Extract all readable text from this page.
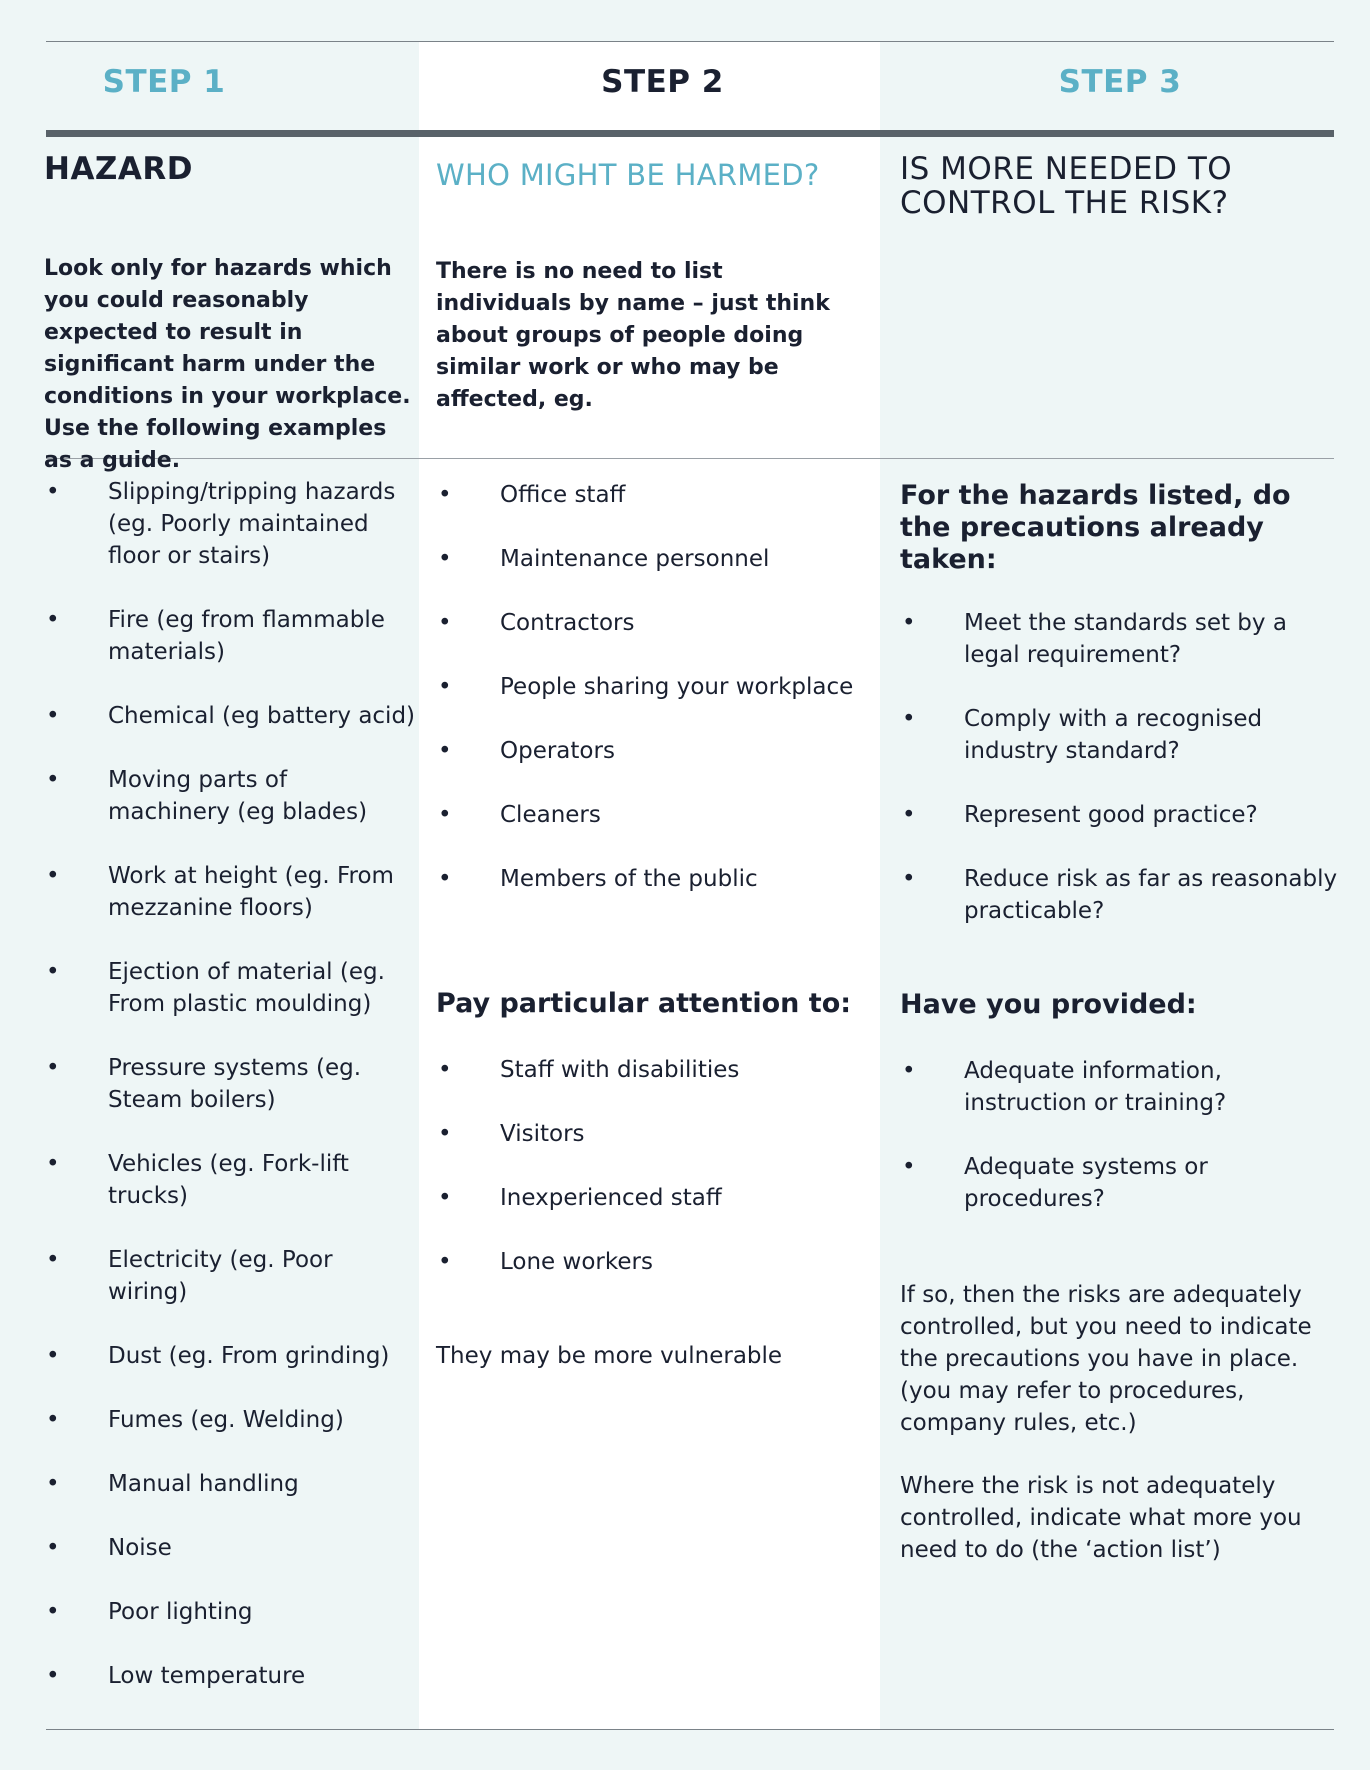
STEP 1	STEP 2	STEP 3
HAZARD
Look only for hazards which you could reasonably expected to result in significant harm under the conditions in your workplace. Use the following examples as a guide.
• Slipping/tripping hazards (eg. Poorly maintained floor or stairs)
• Fire (eg from flammable materials)
• Chemical (eg battery acid)
• Moving parts of machinery (eg blades)
• Work at height (eg. From mezzanine floors)
• Ejection of material (eg. From plastic moulding)
• Pressure systems (eg. Steam boilers)
• Vehicles (eg. Fork-lift trucks)
• Electricity (eg. Poor wiring)
• Dust (eg. From grinding)
• Fumes (eg. Welding)
• Manual handling
• Noise
• Poor lighting
• Low temperature
WHO MIGHT BE HARMED?
There is no need to list individuals by name – just think about groups of people doing similar work or who may be affected, eg.
• Office staff
• Maintenance personnel
• Contractors
• People sharing your workplace
• Operators
• Cleaners
• Members of the public
Pay particular attention to:
• Staff with disabilities
• Visitors
• Inexperienced staff
• Lone workers
They may be more vulnerable
IS MORE NEEDED TO CONTROL THE RISK?
For the hazards listed, do the precautions already taken:
• Meet the standards set by a legal requirement?
• Comply with a recognised industry standard?
• Represent good practice?
• Reduce risk as far as reasonably practicable?
Have you provided:
• Adequate information, instruction or training?
• Adequate systems or procedures?
If so, then the risks are adequately controlled, but you need to indicate the precautions you have in place. (you may refer to procedures, company rules, etc.)
Where the risk is not adequately controlled, indicate what more you need to do (the ‘action list’)
